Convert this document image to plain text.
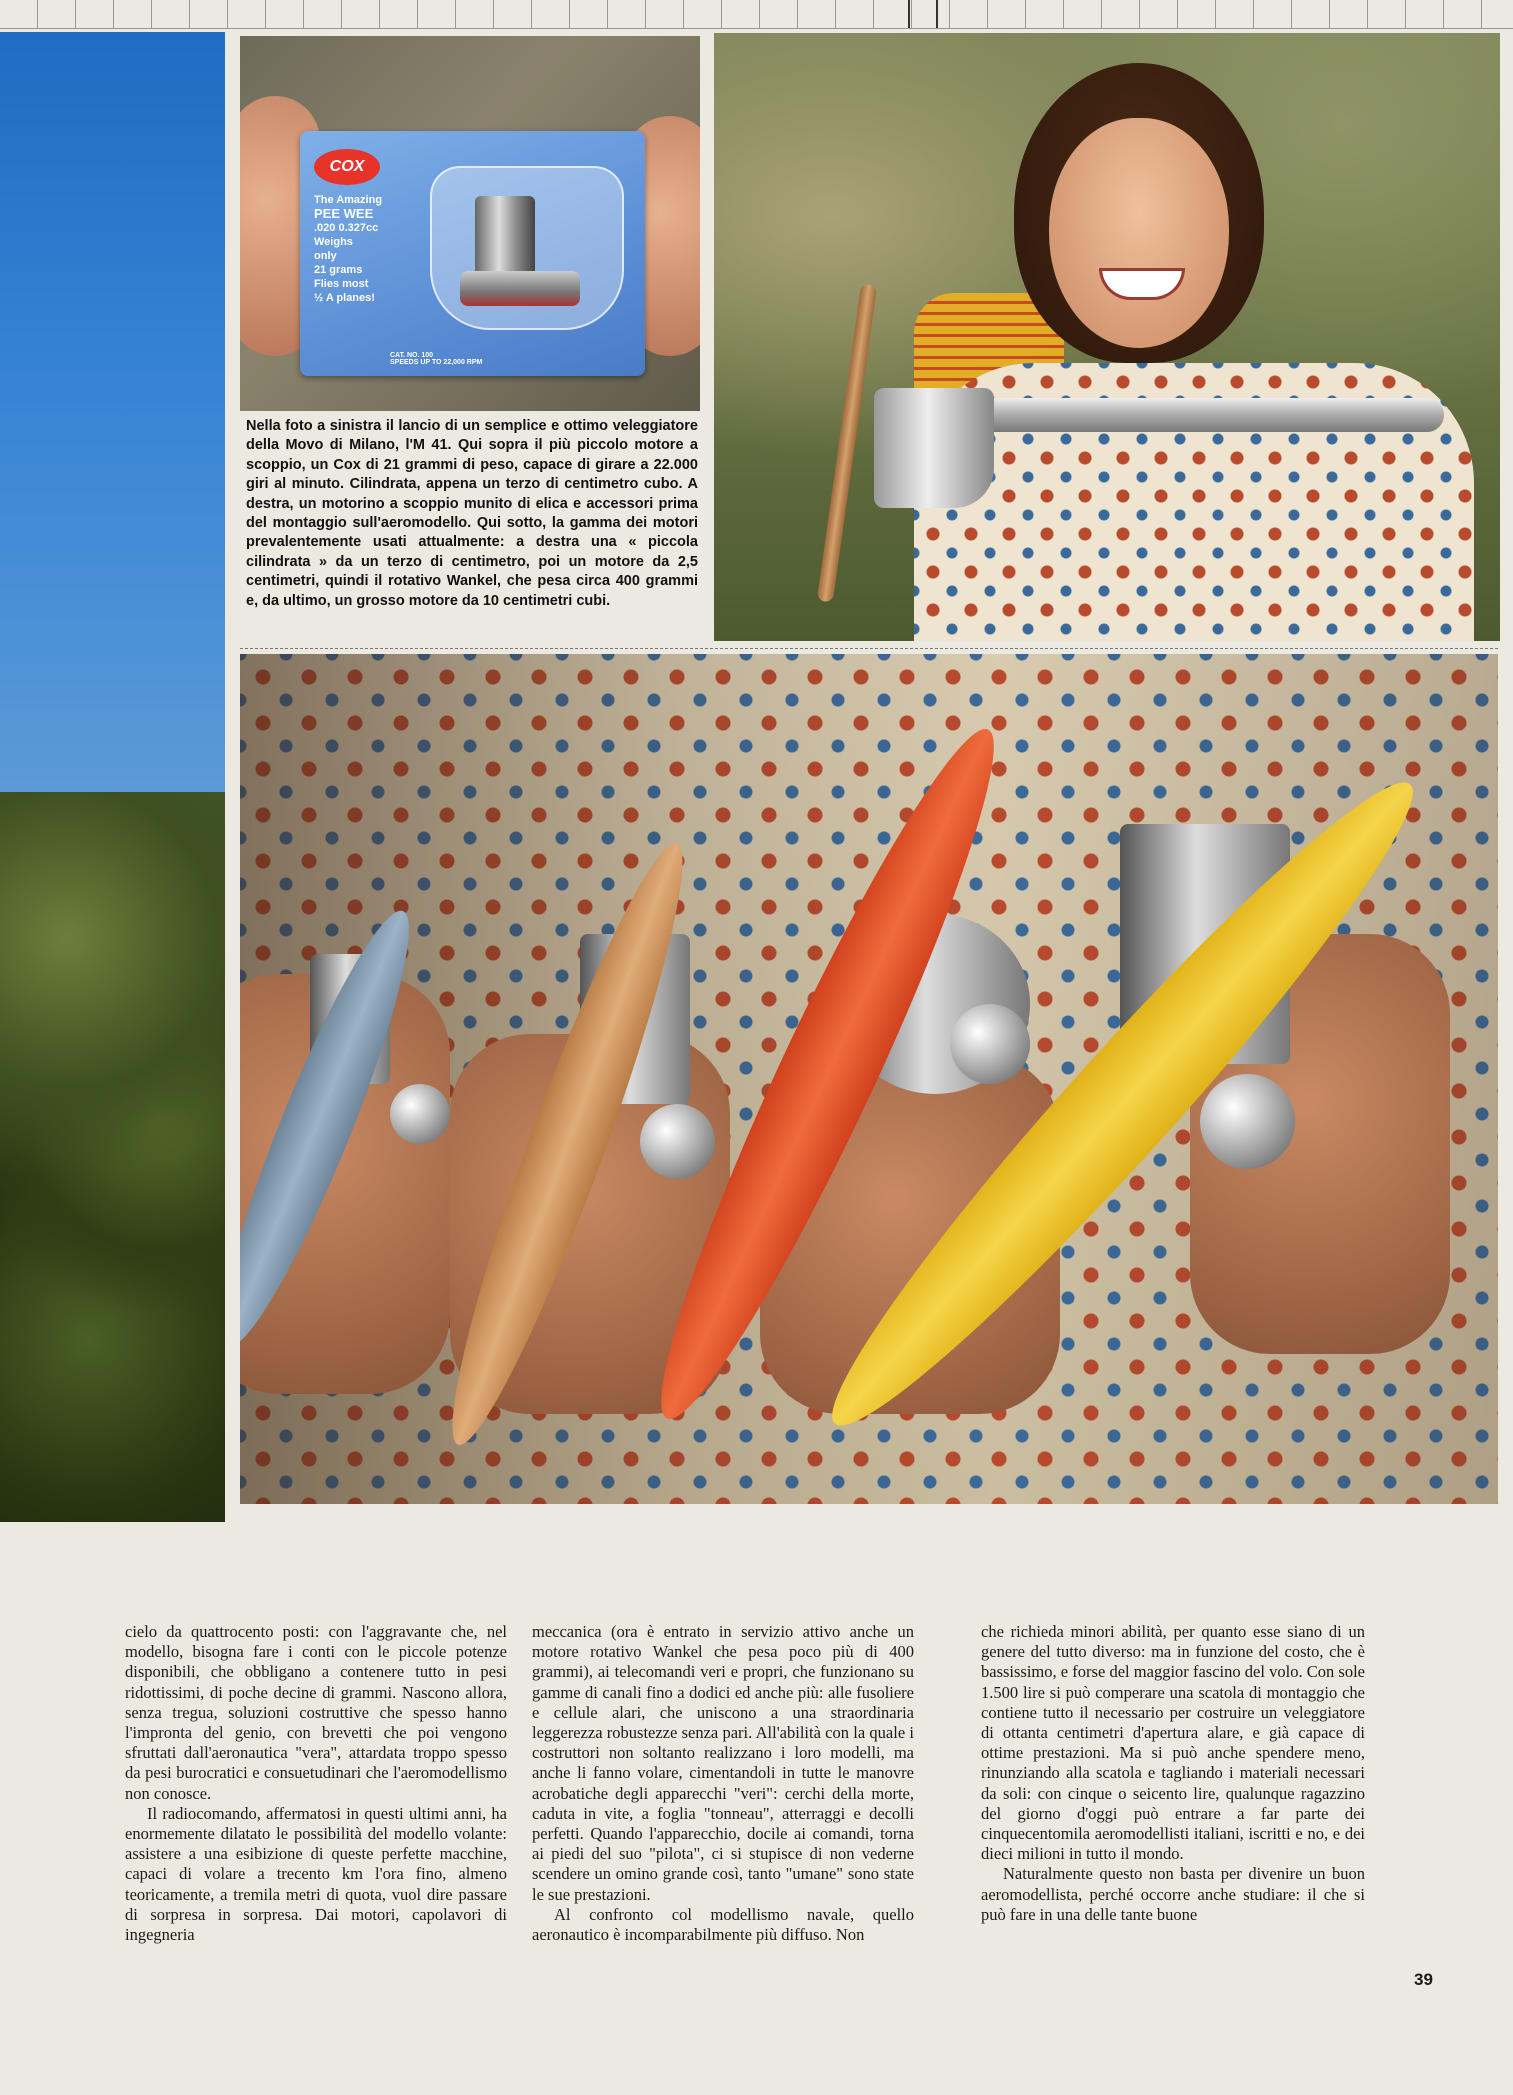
COX
The Amazing

PEE WEE
.020 0.327cc
Weighs
only
21 grams
Flies most
½ A planes!
CAT. NO. 100
SPEEDS UP TO 22,000 RPM

Nella foto a sinistra il lancio di un semplice e ottimo veleggiatore della Movo di Milano, l'M 41. Qui sopra il più piccolo motore a scoppio, un Cox di 21 grammi di peso, capace di girare a 22.000 giri al minuto. Cilindrata, appena un terzo di centimetro cubo. A destra, un motorino a scoppio munito di elica e accessori prima del montaggio sull'aeromodello. Qui sotto, la gamma dei motori prevalentemente usati attualmente: a destra una « piccola cilindrata » da un terzo di centimetro, poi un motore da 2,5 centimetri, quindi il rotativo Wankel, che pesa circa 400 grammi e, da ultimo, un grosso motore da 10 centimetri cubi.

cielo da quattrocento posti: con l'aggravante che, nel modello, bisogna fare i conti con le piccole potenze disponibili, che obbligano a contenere tutto in pesi ridottissimi, di poche decine di grammi. Nascono allora, senza tregua, soluzioni costruttive che spesso hanno l'impronta del genio, con brevetti che poi vengono sfruttati dall'aeronautica "vera", attardata troppo spesso da pesi burocratici e consuetudinari che l'aeromodellismo non conosce.

Il radiocomando, affermatosi in questi ultimi anni, ha enormemente dilatato le possibilità del modello volante: assistere a una esibizione di queste perfette macchine, capaci di volare a trecento km l'ora fino, almeno teoricamente, a tremila metri di quota, vuol dire passare di sorpresa in sorpresa. Dai motori, capolavori di ingegneria

meccanica (ora è entrato in servizio attivo anche un motore rotativo Wankel che pesa poco più di 400 grammi), ai telecomandi veri e propri, che funzionano su gamme di canali fino a dodici ed anche più: alle fusoliere e cellule alari, che uniscono a una straordinaria leggerezza robustezze senza pari. All'abilità con la quale i costruttori non soltanto realizzano i loro modelli, ma anche li fanno volare, cimentandoli in tutte le manovre acrobatiche degli apparecchi "veri": cerchi della morte, caduta in vite, a foglia "tonneau", atterraggi e decolli perfetti. Quando l'apparecchio, docile ai comandi, torna ai piedi del suo "pilota", ci si stupisce di non vederne scendere un omino grande così, tanto "umane" sono state le sue prestazioni.

Al confronto col modellismo navale, quello aeronautico è incomparabilmente più diffuso. Non

che richieda minori abilità, per quanto esse siano di un genere del tutto diverso: ma in funzione del costo, che è bassissimo, e forse del maggior fascino del volo. Con sole 1.500 lire si può comperare una scatola di montaggio che contiene tutto il necessario per costruire un veleggiatore di ottanta centimetri d'apertura alare, e già capace di ottime prestazioni. Ma si può anche spendere meno, rinunziando alla scatola e tagliando i materiali necessari da soli: con cinque o seicento lire, qualunque ragazzino del giorno d'oggi può entrare a far parte dei cinquecentomila aeromodellisti italiani, iscritti e no, e dei dieci milioni in tutto il mondo.

Naturalmente questo non basta per divenire un buon aeromodellista, perché occorre anche studiare: il che si può fare in una delle tante buone

39
